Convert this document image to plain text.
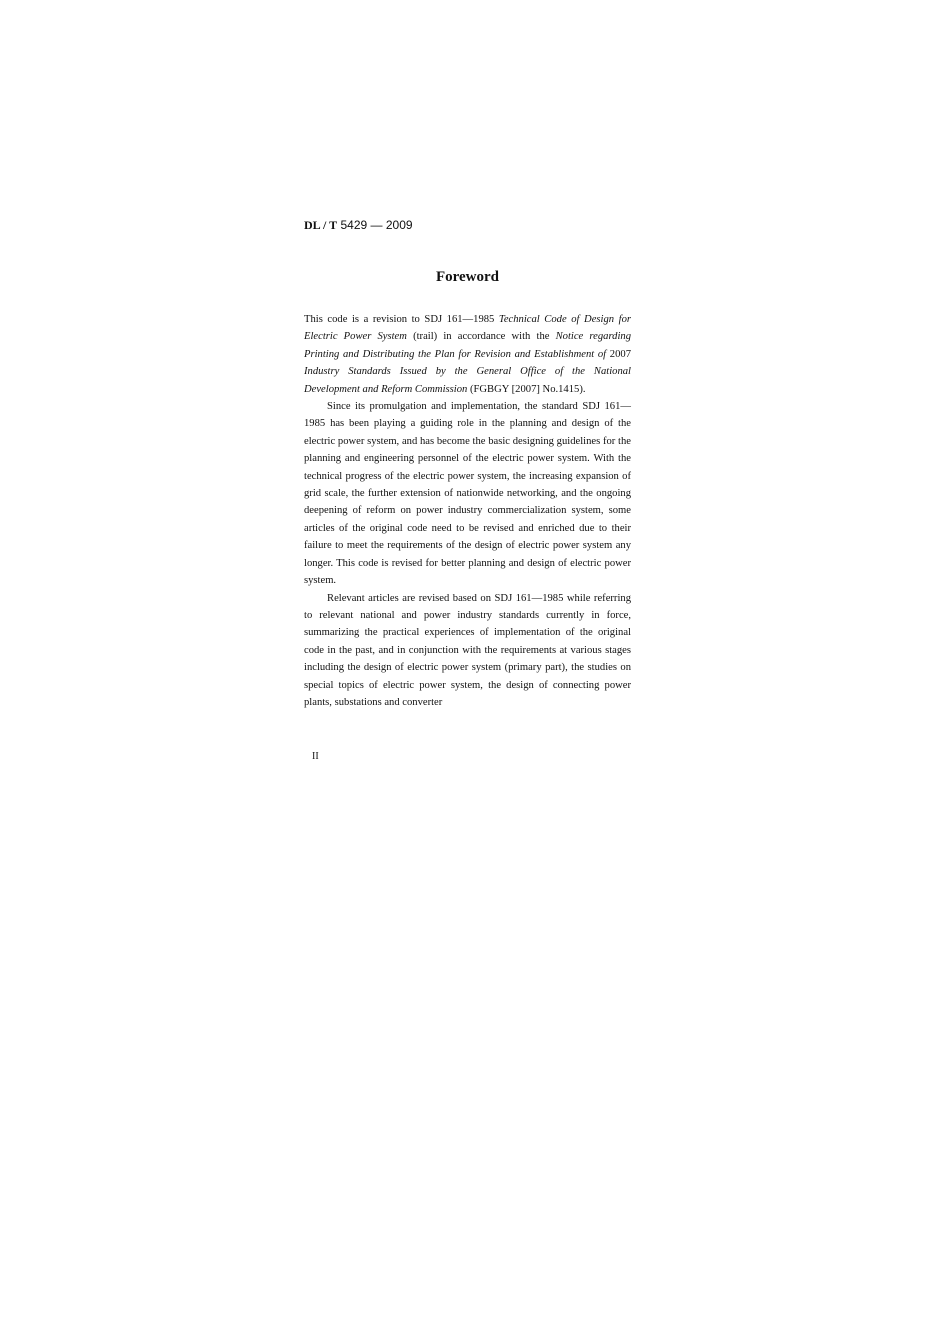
DL / T 5429 — 2009
Foreword

This code is a revision to SDJ 161—1985 Technical Code of Design for Electric Power System (trail) in accordance with the Notice regarding Printing and Distributing the Plan for Revision and Establishment of 2007 Industry Standards Issued by the General Office of the National Development and Reform Commission (FGBGY [2007] No.1415).

Since its promulgation and implementation, the standard SDJ 161—1985 has been playing a guiding role in the planning and design of the electric power system, and has become the basic designing guidelines for the planning and engineering personnel of the electric power system. With the technical progress of the electric power system, the increasing expansion of grid scale, the further extension of nationwide networking, and the ongoing deepening of reform on power industry commercialization system, some articles of the original code need to be revised and enriched due to their failure to meet the requirements of the design of electric power system any longer. This code is revised for better planning and design of electric power system.

Relevant articles are revised based on SDJ 161—1985 while referring to relevant national and power industry standards currently in force, summarizing the practical experiences of implementation of the original code in the past, and in conjunction with the requirements at various stages including the design of electric power system (primary part), the studies on special topics of electric power system, the design of connecting power plants, substations and converter

II
